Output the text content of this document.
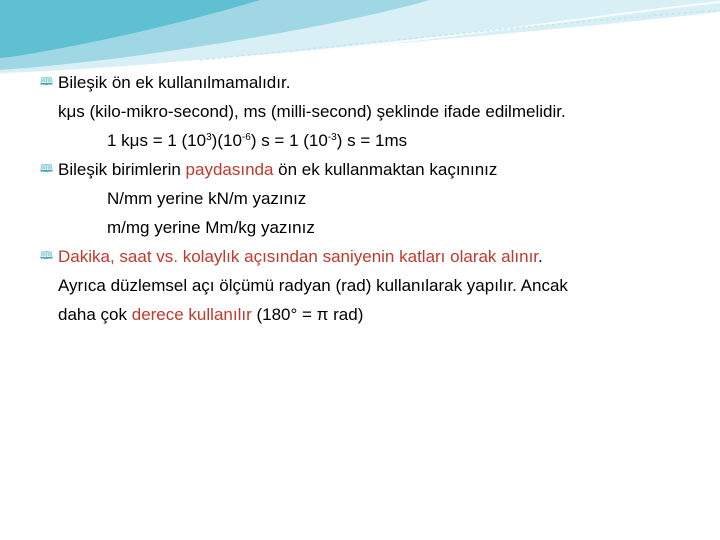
🕮 Bileşik ön ek kullanılmamalıdır.
kμs (kilo-mikro-second), ms (milli-second) şeklinde ifade edilmelidir.
1 kμs = 1 $(10^3)(10^{-6}) s = 1$ $(10^{-3}) s = 1ms$
🕮 Bileşik birimlerin paydasında ön ek kullanmaktan kaçınınız
N/mm yerine kN/m yazınız
m/mg yerine Mm/kg yazınız
🕮 Dakika, saat vs. kolaylık açısından saniyenin katları olarak alınır.
Ayrıca düzlemsel açı ölçümü radyan (rad) kullanılarak yapılır. Ancak
daha çok derece kullanılır (180° = π rad)
